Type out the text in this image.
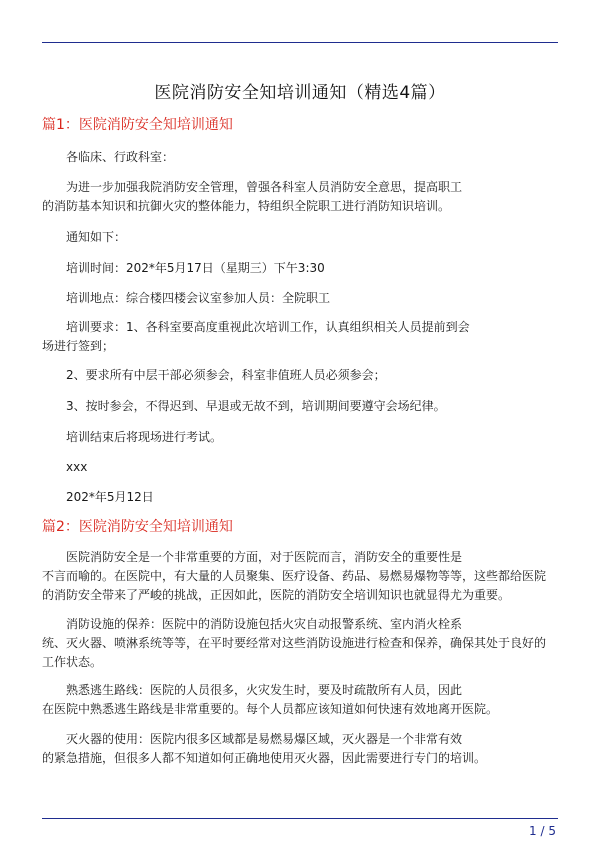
医院消防安全知培训通知（精选4篇）
篇1：医院消防安全知培训通知
各临床、行政科室：
为进一步加强我院消防安全管理，曾强各科室人员消防安全意思，提高职工
的消防基本知识和抗御火灾的整体能力，特组织全院职工进行消防知识培训。
通知如下：
培训时间：202*年5月17日（星期三）下午3:30
培训地点：综合楼四楼会议室参加人员：全院职工
培训要求：1、各科室要高度重视此次培训工作，认真组织相关人员提前到会
场进行签到；
2、要求所有中层干部必须参会，科室非值班人员必须参会；
3、按时参会，不得迟到、早退或无故不到，培训期间要遵守会场纪律。
培训结束后将现场进行考试。
xxx
202*年5月12日
篇2：医院消防安全知培训通知
医院消防安全是一个非常重要的方面，对于医院而言，消防安全的重要性是
不言而喻的。在医院中，有大量的人员聚集、医疗设备、药品、易燃易爆物等等，这些都给医院
的消防安全带来了严峻的挑战，正因如此，医院的消防安全培训知识也就显得尤为重要。
消防设施的保养：医院中的消防设施包括火灾自动报警系统、室内消火栓系
统、灭火器、喷淋系统等等，在平时要经常对这些消防设施进行检查和保养，确保其处于良好的
工作状态。
熟悉逃生路线：医院的人员很多，火灾发生时，要及时疏散所有人员，因此
在医院中熟悉逃生路线是非常重要的。每个人员都应该知道如何快速有效地离开医院。
灭火器的使用：医院内很多区域都是易燃易爆区域，灭火器是一个非常有效
的紧急措施，但很多人都不知道如何正确地使用灭火器，因此需要进行专门的培训。
1 / 5
